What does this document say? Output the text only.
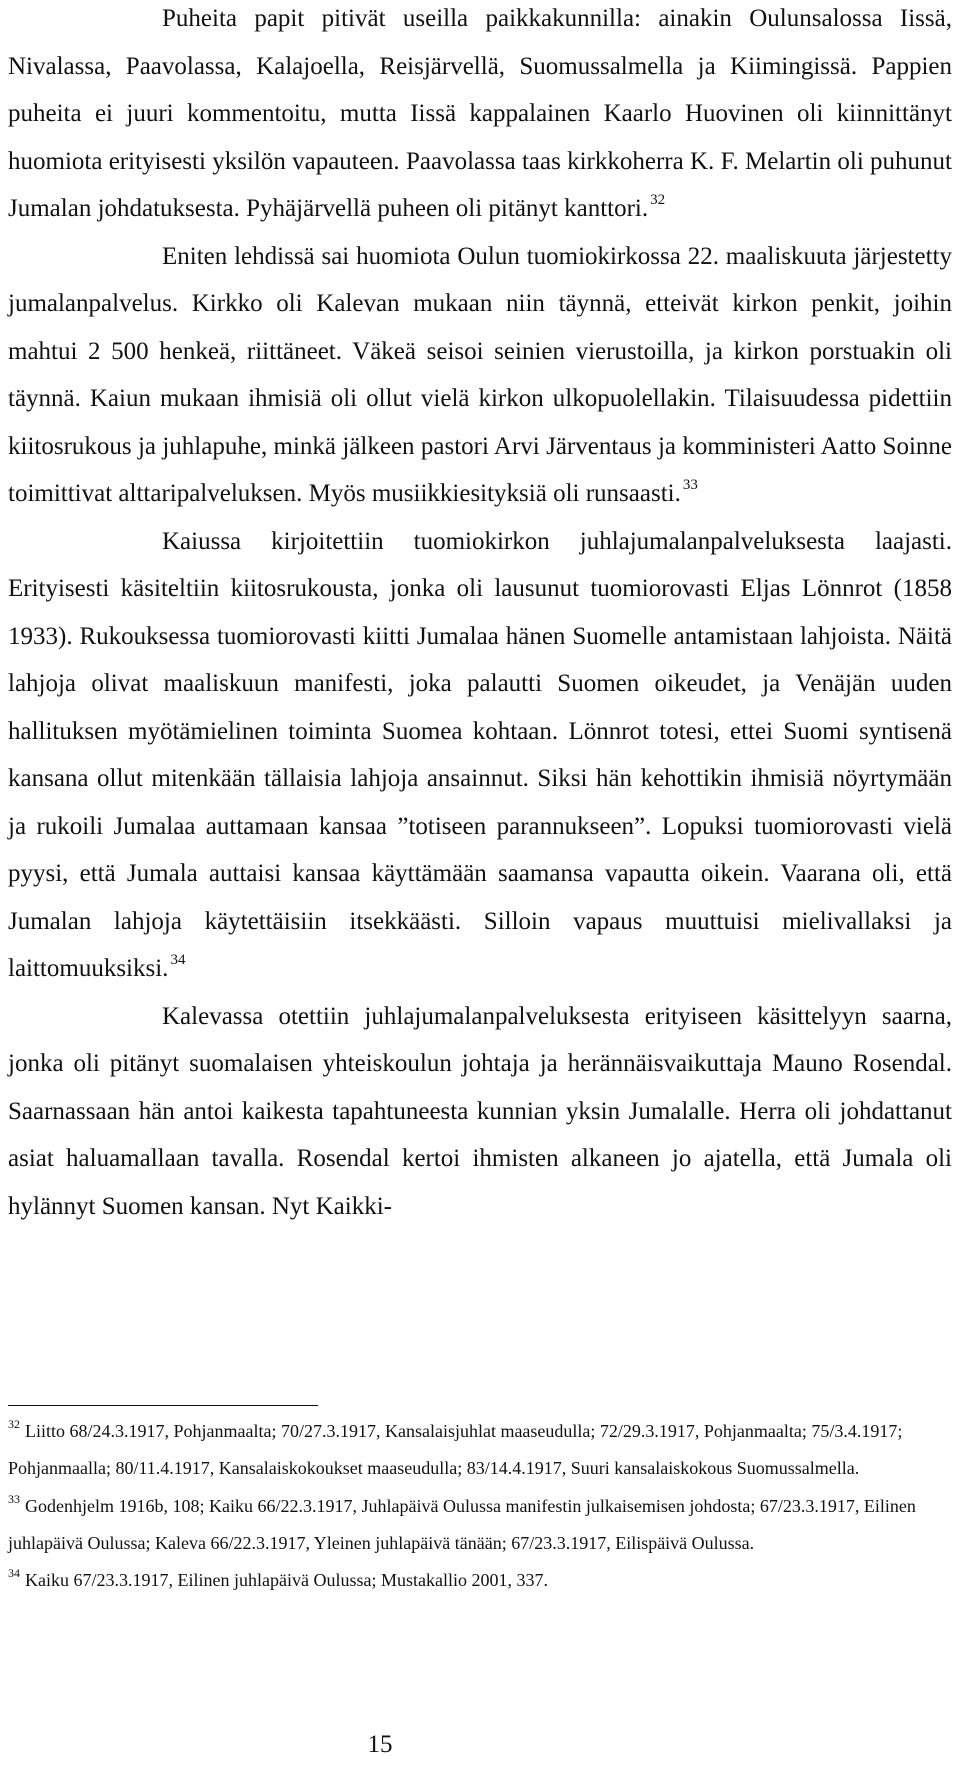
Puheita papit pitivät useilla paikkakunnilla: ainakin Oulunsalossa Iissä, Nivalassa, Paavolassa, Kalajoella, Reisjärvellä, Suomussalmella ja Kiimingissä. Pappien puheita ei juuri kommentoitu, mutta Iissä kappalainen Kaarlo Huovinen oli kiinnittänyt huomiota erityisesti yksilön vapauteen. Paavolassa taas kirkkoherra K. F. Melartin oli puhunut Jumalan johdatuksesta. Pyhäjärvellä puheen oli pitänyt kanttori. $^{32}$

Eniten lehdissä sai huomiota Oulun tuomiokirkossa 22. maaliskuuta järjestetty jumalanpalvelus. Kirkko oli Kalevan mukaan niin täynnä, etteivät kirkon penkit, joihin mahtui 2 500 henkeä, riittäneet. Väkeä seisoi seinien vierustoilla, ja kirkon porstuakin oli täynnä. Kaiun mukaan ihmisiä oli ollut vielä kirkon ulkopuolellakin. Tilaisuudessa pidettiin kiitosrukous ja juhlapuhe, minkä jälkeen pastori Arvi Järventaus ja komministeri Aatto Soinne toimittivat alttaripalveluksen. Myös musiikkiesityksiä oli runsaasti. $^{33}$

Kaiussa kirjoitettiin tuomiokirkon juhlajumalanpalveluksesta laajasti. Erityisesti käsiteltiin kiitosrukousta, jonka oli lausunut tuomiorovasti Eljas Lönnrot (1858 1933). Rukouksessa tuomiorovasti kiitti Jumalaa hänen Suomelle antamistaan lahjoista. Näitä lahjoja olivat maaliskuun manifesti, joka palautti Suomen oikeudet, ja Venäjän uuden hallituksen myötämielinen toiminta Suomea kohtaan. Lönnrot totesi, ettei Suomi syntisenä kansana ollut mitenkään tällaisia lahjoja ansainnut. Siksi hän kehottikin ihmisiä nöyrtymään ja rukoili Jumalaa auttamaan kansaa ”totiseen parannukseen”. Lopuksi tuomiorovasti vielä pyysi, että Jumala auttaisi kansaa käyttämään saamansa vapautta oikein. Vaarana oli, että Jumalan lahjoja käytettäisiin itsekkäästi. Silloin vapaus muuttuisi mielivallaksi ja laittomuuksiksi. $^{34}$

Kalevassa otettiin juhlajumalanpalveluksesta erityiseen käsittelyyn saarna, jonka oli pitänyt suomalaisen yhteiskoulun johtaja ja herännäisvaikuttaja Mauno Rosendal. Saarnassaan hän antoi kaikesta tapahtuneesta kunnian yksin Jumalalle. Herra oli johdattanut asiat haluamallaan tavalla. Rosendal kertoi ihmisten alkaneen jo ajatella, että Jumala oli hylännyt Suomen kansan. Nyt Kaikki-

$^{32}$ Liitto 68/24.3.1917, Pohjanmaalta; 70/27.3.1917, Kansalaisjuhlat maaseudulla; 72/29.3.1917, Pohjanmaalta; 75/3.4.1917; Pohjanmaalla; 80/11.4.1917, Kansalaiskokoukset maaseudulla; 83/14.4.1917, Suuri kansalaiskokous Suomussalmella.

$^{33}$ Godenhjelm 1916b, 108; Kaiku 66/22.3.1917, Juhlapäivä Oulussa manifestin julkaisemisen johdosta; 67/23.3.1917, Eilinen juhlapäivä Oulussa; Kaleva 66/22.3.1917, Yleinen juhlapäivä tänään; 67/23.3.1917, Eilispäivä Oulussa.

$^{34}$ Kaiku 67/23.3.1917, Eilinen juhlapäivä Oulussa; Mustakallio 2001, 337.

15
